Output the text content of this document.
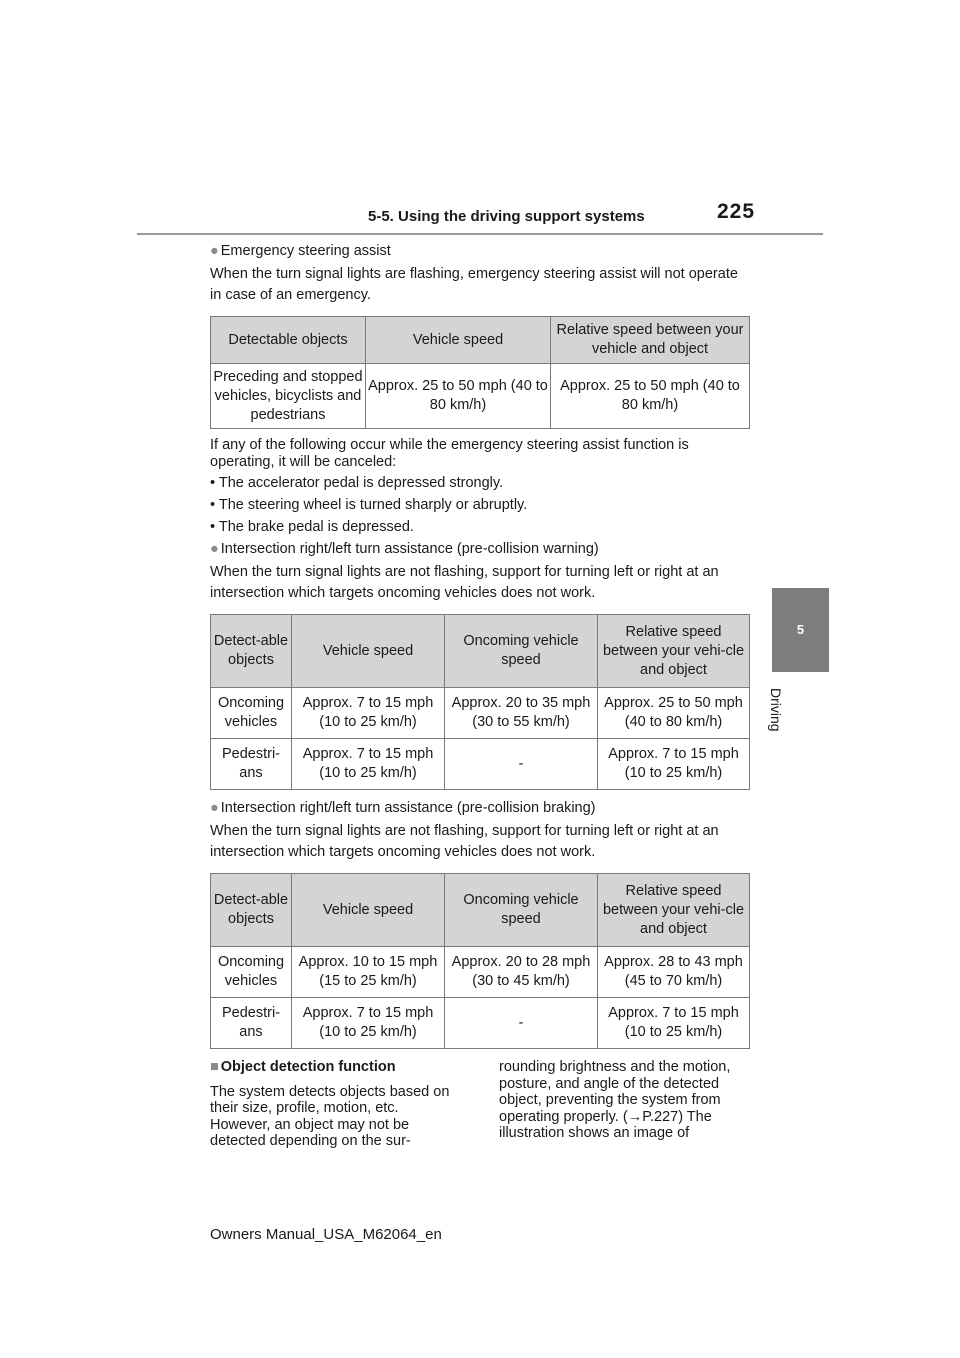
5-5. Using the driving support systems	225
5
Driving
● Emergency steering assist

When the turn signal lights are flashing, emergency steering assist will not operate in case of an emergency.

Detectable objects	Vehicle speed	Relative speed between your vehicle and object
Preceding and stopped vehicles, bicyclists and pedestrians	Approx. 25 to 50 mph (40 to 80 km/h)	Approx. 25 to 50 mph (40 to 80 km/h)

If any of the following occur while the emergency steering assist function is operating, it will be canceled:

• The accelerator pedal is depressed strongly.
• The steering wheel is turned sharply or abruptly.
• The brake pedal is depressed.
● Intersection right/left turn assistance (pre-collision warning)

When the turn signal lights are not flashing, support for turning left or right at an intersection which targets oncoming vehicles does not work.

Detect-able objects	Vehicle speed	Oncoming vehicle speed	Relative speed between your vehi-cle and object
Oncoming vehicles	Approx. 7 to 15 mph (10 to 25 km/h)	Approx. 20 to 35 mph (30 to 55 km/h)	Approx. 25 to 50 mph (40 to 80 km/h)
Pedestri-ans	Approx. 7 to 15 mph (10 to 25 km/h)	-	Approx. 7 to 15 mph (10 to 25 km/h)
● Intersection right/left turn assistance (pre-collision braking)

When the turn signal lights are not flashing, support for turning left or right at an intersection which targets oncoming vehicles does not work.

Detect-able objects	Vehicle speed	Oncoming vehicle speed	Relative speed between your vehi-cle and object
Oncoming vehicles	Approx. 10 to 15 mph (15 to 25 km/h)	Approx. 20 to 28 mph (30 to 45 km/h)	Approx. 28 to 43 mph (45 to 70 km/h)
Pedestri-ans	Approx. 7 to 15 mph (10 to 25 km/h)	-	Approx. 7 to 15 mph (10 to 25 km/h)
■ Object detection function
The system detects objects based on their size, profile, motion, etc. However, an object may not be detected depending on the sur-
rounding brightness and the motion, posture, and angle of the detected object, preventing the system from operating properly. (→P.227) The illustration shows an image of
Owners Manual_USA_M62064_en
